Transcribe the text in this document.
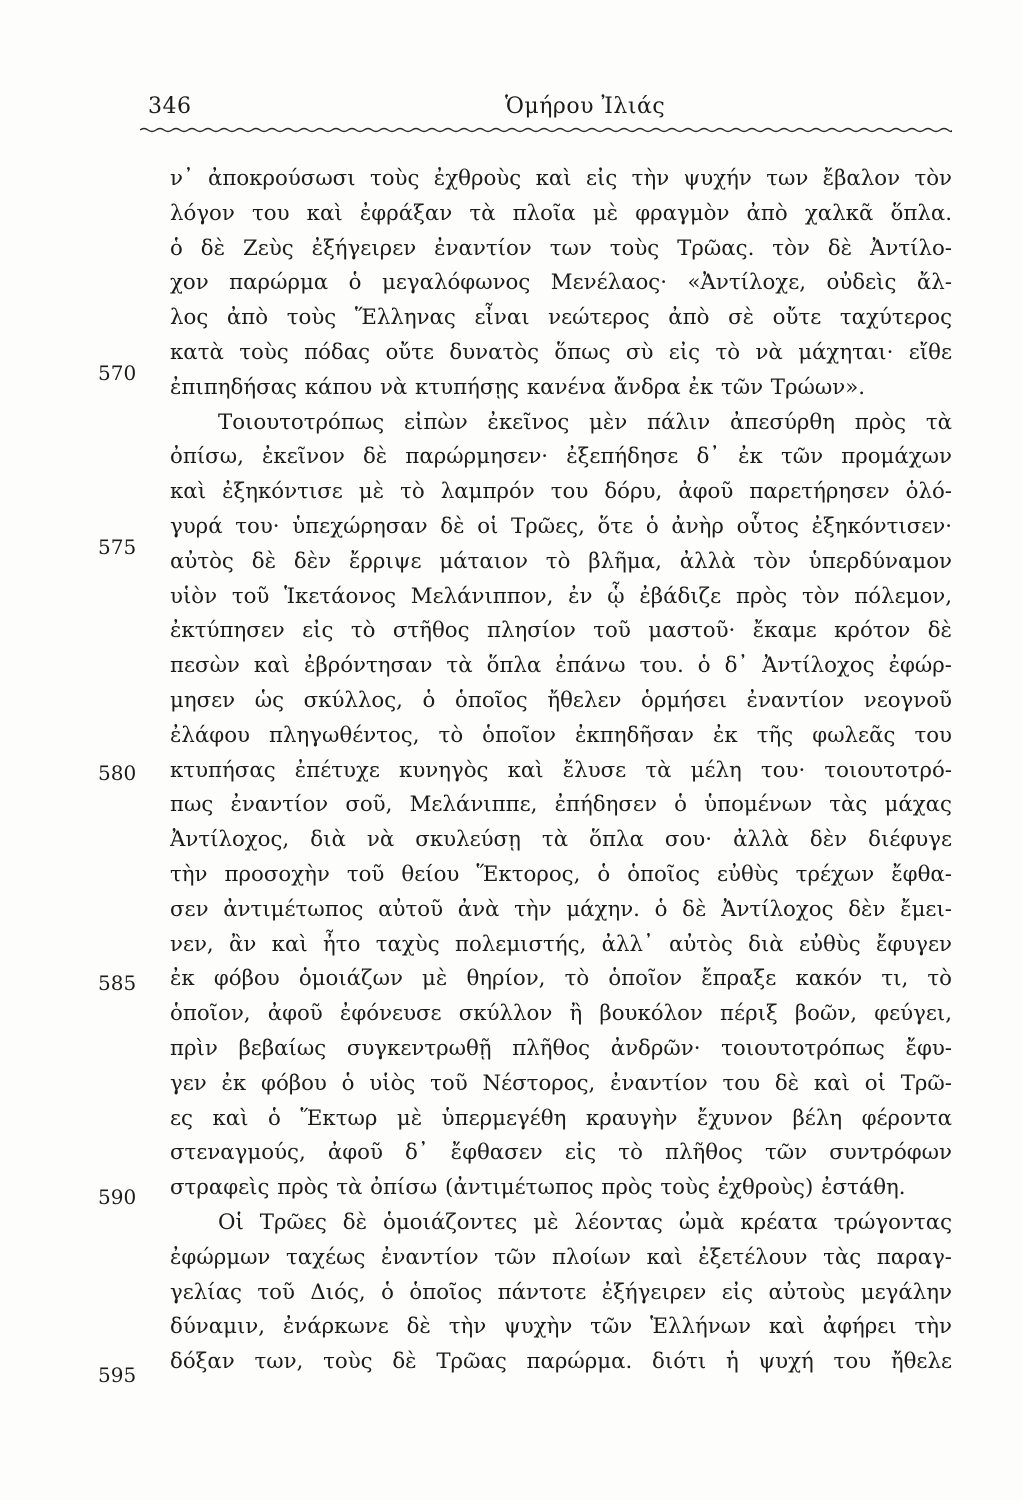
346	Ὁμήρου Ἰλιάς
570
575
580
585
590
595
ν᾿ ἀποκρούσωσι τοὺς ἐχθροὺς καὶ εἰς τὴν ψυχήν των ἔβαλον τὸν
λόγον του καὶ ἐφράξαν τὰ πλοῖα μὲ φραγμὸν ἀπὸ χαλκᾶ ὅπλα.
ὁ δὲ Ζεὺς ἐξήγειρεν ἐναντίον των τοὺς Τρῶας. τὸν δὲ Ἀντίλο-
χον παρώρμα ὁ μεγαλόφωνος Μενέλαος· «Ἀντίλοχε, οὐδεὶς ἄλ-
λος ἀπὸ τοὺς Ἕλληνας εἶναι νεώτερος ἀπὸ σὲ οὔτε ταχύτερος
κατὰ τοὺς πόδας οὔτε δυνατὸς ὅπως σὺ εἰς τὸ νὰ μάχηται· εἴθε
ἐπιπηδήσας κάπου νὰ κτυπήσῃς κανένα ἄνδρα ἐκ τῶν Τρώων».
Τοιουτοτρόπως εἰπὼν ἐκεῖνος μὲν πάλιν ἀπεσύρθη πρὸς τὰ
ὀπίσω, ἐκεῖνον δὲ παρώρμησεν· ἐξεπήδησε δ᾿ ἐκ τῶν προμάχων
καὶ ἐξηκόντισε μὲ τὸ λαμπρόν του δόρυ, ἀφοῦ παρετήρησεν ὁλό-
γυρά του· ὑπεχώρησαν δὲ οἱ Τρῶες, ὅτε ὁ ἀνὴρ οὗτος ἐξηκόντισεν·
αὐτὸς δὲ δὲν ἔρριψε μάταιον τὸ βλῆμα, ἀλλὰ τὸν ὑπερδύναμον
υἱὸν τοῦ Ἱκετάονος Μελάνιππον, ἐν ᾧ ἐβάδιζε πρὸς τὸν πόλεμον,
ἐκτύπησεν εἰς τὸ στῆθος πλησίον τοῦ μαστοῦ· ἔκαμε κρότον δὲ
πεσὼν καὶ ἐβρόντησαν τὰ ὅπλα ἐπάνω του. ὁ δ᾿ Ἀντίλοχος ἐφώρ-
μησεν ὡς σκύλλος, ὁ ὁποῖος ἤθελεν ὁρμήσει ἐναντίον νεογνοῦ
ἐλάφου πληγωθέντος, τὸ ὁποῖον ἐκπηδῆσαν ἐκ τῆς φωλεᾶς του
κτυπήσας ἐπέτυχε κυνηγὸς καὶ ἔλυσε τὰ μέλη του· τοιουτοτρό-
πως ἐναντίον σοῦ, Μελάνιππε, ἐπήδησεν ὁ ὑπομένων τὰς μάχας
Ἀντίλοχος, διὰ νὰ σκυλεύσῃ τὰ ὅπλα σου· ἀλλὰ δὲν διέφυγε
τὴν προσοχὴν τοῦ θείου Ἕκτορος, ὁ ὁποῖος εὐθὺς τρέχων ἔφθα-
σεν ἀντιμέτωπος αὐτοῦ ἀνὰ τὴν μάχην. ὁ δὲ Ἀντίλοχος δὲν ἔμει-
νεν, ἂν καὶ ἦτο ταχὺς πολεμιστής, ἀλλ᾿ αὐτὸς διὰ εὐθὺς ἔφυγεν
ἐκ φόβου ὁμοιάζων μὲ θηρίον, τὸ ὁποῖον ἔπραξε κακόν τι, τὸ
ὁποῖον, ἀφοῦ ἐφόνευσε σκύλλον ἢ βουκόλον πέριξ βοῶν, φεύγει,
πρὶν βεβαίως συγκεντρωθῇ πλῆθος ἀνδρῶν· τοιουτοτρόπως ἔφυ-
γεν ἐκ φόβου ὁ υἱὸς τοῦ Νέστορος, ἐναντίον του δὲ καὶ οἱ Τρῶ-
ες καὶ ὁ Ἕκτωρ μὲ ὑπερμεγέθη κραυγὴν ἔχυνον βέλη φέροντα
στεναγμούς, ἀφοῦ δ᾿ ἔφθασεν εἰς τὸ πλῆθος τῶν συντρόφων
στραφεὶς πρὸς τὰ ὀπίσω (ἀντιμέτωπος πρὸς τοὺς ἐχθροὺς) ἐστάθη.
Οἱ Τρῶες δὲ ὁμοιάζοντες μὲ λέοντας ὠμὰ κρέατα τρώγοντας
ἐφώρμων ταχέως ἐναντίον τῶν πλοίων καὶ ἐξετέλουν τὰς παραγ-
γελίας τοῦ Διός, ὁ ὁποῖος πάντοτε ἐξήγειρεν εἰς αὐτοὺς μεγάλην
δύναμιν, ἐνάρκωνε δὲ τὴν ψυχὴν τῶν Ἑλλήνων καὶ ἀφήρει τὴν
δόξαν των, τοὺς δὲ Τρῶας παρώρμα. διότι ἡ ψυχή του ἤθελε
